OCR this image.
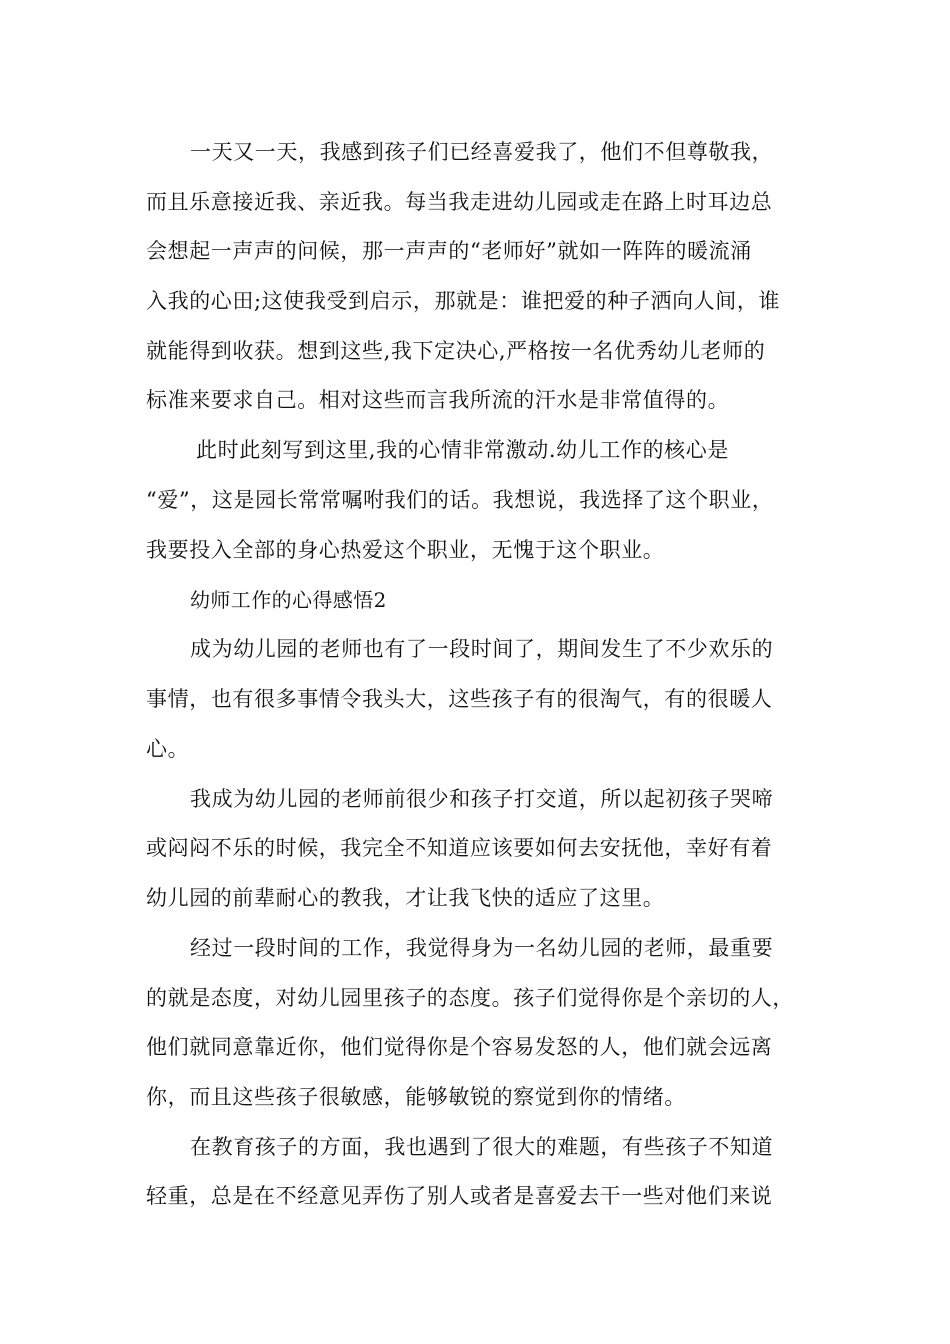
一天又一天，我感到孩子们已经喜爱我了，他们不但尊敬我，
而且乐意接近我、亲近我。每当我走进幼儿园或走在路上时耳边总
会想起一声声的问候，那一声声的“老师好”就如一阵阵的暖流涌
入我的心田;这使我受到启示，那就是：谁把爱的种子洒向人间，谁
就能得到收获。想到这些,我下定决心,严格按一名优秀幼儿老师的
标准来要求自己。相对这些而言我所流的汗水是非常值得的。
此时此刻写到这里,我的心情非常激动.幼儿工作的核心是
“爱”，这是园长常常嘱咐我们的话。我想说，我选择了这个职业，
我要投入全部的身心热爱这个职业，无愧于这个职业。
幼师工作的心得感悟2
成为幼儿园的老师也有了一段时间了，期间发生了不少欢乐的
事情，也有很多事情令我头大，这些孩子有的很淘气，有的很暖人
心。
我成为幼儿园的老师前很少和孩子打交道，所以起初孩子哭啼
或闷闷不乐的时候，我完全不知道应该要如何去安抚他，幸好有着
幼儿园的前辈耐心的教我，才让我飞快的适应了这里。
经过一段时间的工作，我觉得身为一名幼儿园的老师，最重要
的就是态度，对幼儿园里孩子的态度。孩子们觉得你是个亲切的人，
他们就同意靠近你，他们觉得你是个容易发怒的人，他们就会远离
你，而且这些孩子很敏感，能够敏锐的察觉到你的情绪。
在教育孩子的方面，我也遇到了很大的难题，有些孩子不知道
轻重，总是在不经意见弄伤了别人或者是喜爱去干一些对他们来说
